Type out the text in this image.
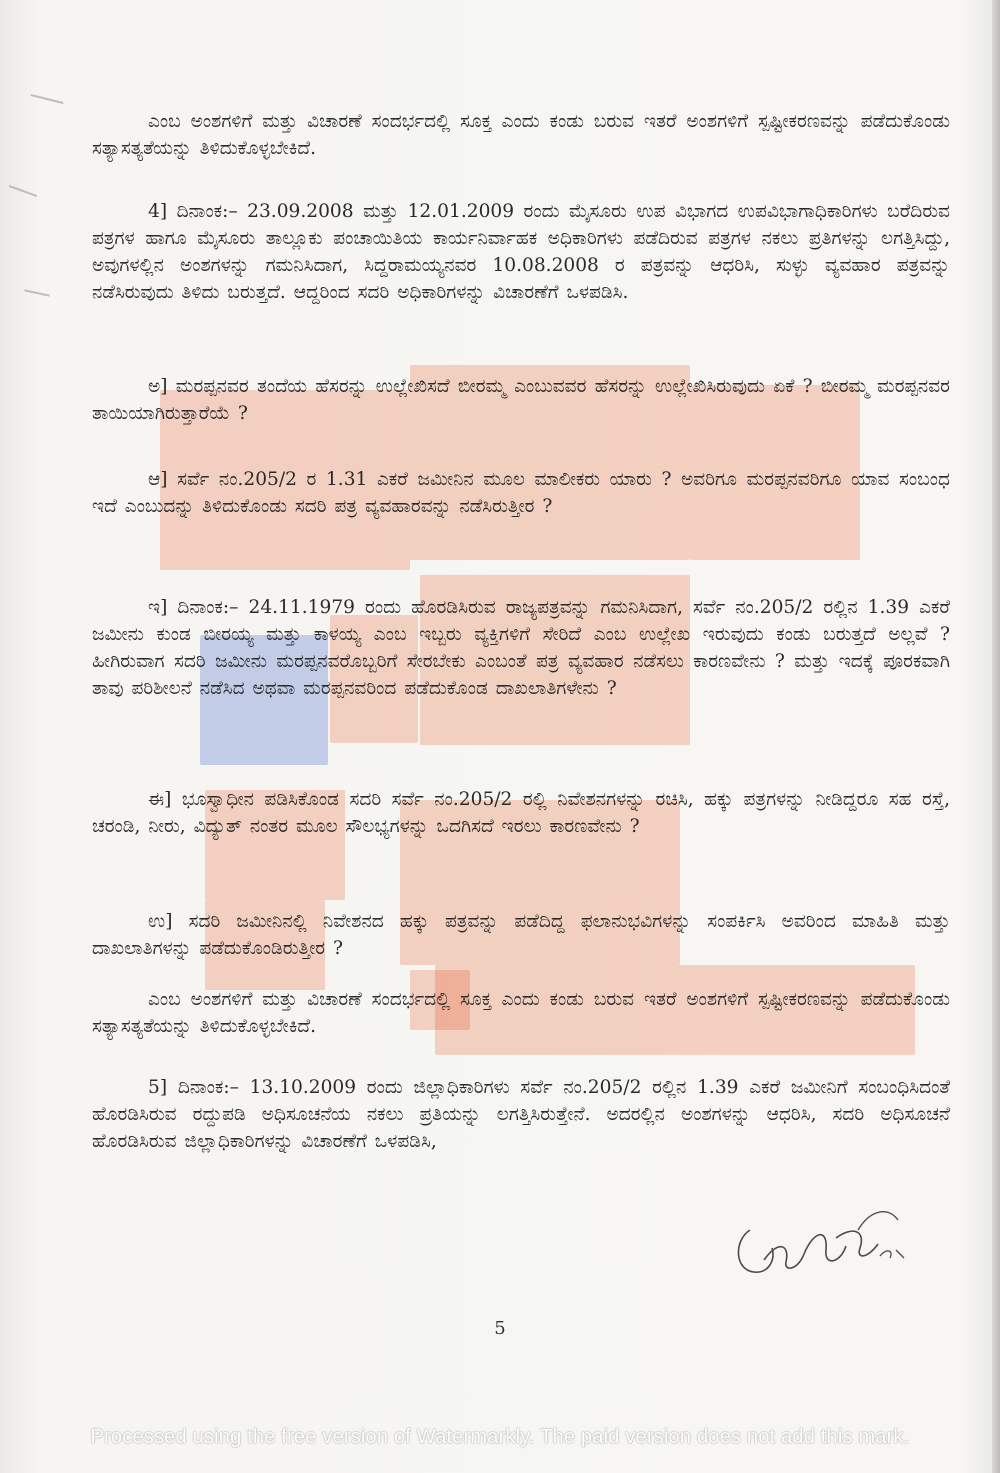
ಎಂಬ ಅಂಶಗಳಿಗೆ ಮತ್ತು ವಿಚಾರಣೆ ಸಂದರ್ಭದಲ್ಲಿ ಸೂಕ್ತ ಎಂದು ಕಂಡು ಬರುವ ಇತರೆ ಅಂಶಗಳಿಗೆ ಸ್ಪಷ್ಟೀಕರಣವನ್ನು ಪಡೆದುಕೊಂಡು ಸತ್ಯಾಸತ್ಯತೆಯನ್ನು ತಿಳಿದುಕೊಳ್ಳಬೇಕಿದೆ.

4] ದಿನಾಂಕ:– 23.09.2008 ಮತ್ತು 12.01.2009 ರಂದು ಮೈಸೂರು ಉಪ ವಿಭಾಗದ ಉಪವಿಭಾಗಾಧಿಕಾರಿಗಳು ಬರೆದಿರುವ ಪತ್ರಗಳ ಹಾಗೂ ಮೈಸೂರು ತಾಲ್ಲೂಕು ಪಂಚಾಯಿತಿಯ ಕಾರ್ಯನಿರ್ವಾಹಕ ಅಧಿಕಾರಿಗಳು ಪಡೆದಿರುವ ಪತ್ರಗಳ ನಕಲು ಪ್ರತಿಗಳನ್ನು ಲಗತ್ತಿಸಿದ್ದು, ಅವುಗಳಲ್ಲಿನ ಅಂಶಗಳನ್ನು ಗಮನಿಸಿದಾಗ, ಸಿದ್ದರಾಮಯ್ಯನವರ 10.08.2008 ರ ಪತ್ರವನ್ನು ಆಧರಿಸಿ, ಸುಳ್ಳು ವ್ಯವಹಾರ ಪತ್ರವನ್ನು ನಡೆಸಿರುವುದು ತಿಳಿದು ಬರುತ್ತದೆ. ಆದ್ದರಿಂದ ಸದರಿ ಅಧಿಕಾರಿಗಳನ್ನು ವಿಚಾರಣೆಗೆ ಒಳಪಡಿಸಿ.

ಅ] ಮರಪ್ಪನವರ ತಂದೆಯ ಹೆಸರನ್ನು ಉಲ್ಲೇಖಿಸದೆ ಬೀರಮ್ಮ ಎಂಬುವವರ ಹೆಸರನ್ನು ಉಲ್ಲೇಖಿಸಿರುವುದು ಏಕೆ ? ಬೀರಮ್ಮ ಮರಪ್ಪನವರ ತಾಯಿಯಾಗಿರುತ್ತಾರೆಯೆ ?

ಆ] ಸರ್ವೆ ನಂ.205/2 ರ 1.31 ಎಕರೆ ಜಮೀನಿನ ಮೂಲ ಮಾಲೀಕರು ಯಾರು ? ಅವರಿಗೂ ಮರಪ್ಪನವರಿಗೂ ಯಾವ ಸಂಬಂಧ ಇದೆ ಎಂಬುದನ್ನು ತಿಳಿದುಕೊಂಡು ಸದರಿ ಪತ್ರ ವ್ಯವಹಾರವನ್ನು ನಡೆಸಿರುತ್ತೀರ ?

ಇ] ದಿನಾಂಕ:– 24.11.1979 ರಂದು ಹೊರಡಿಸಿರುವ ರಾಜ್ಯಪತ್ರವನ್ನು ಗಮನಿಸಿದಾಗ, ಸರ್ವೆ ನಂ.205/2 ರಲ್ಲಿನ 1.39 ಎಕರೆ ಜಮೀನು ಕುಂಡ ಬೀರಯ್ಯ ಮತ್ತು ಕಾಳಯ್ಯ ಎಂಬ ಇಬ್ಬರು ವ್ಯಕ್ತಿಗಳಿಗೆ ಸೇರಿದೆ ಎಂಬ ಉಲ್ಲೇಖ ಇರುವುದು ಕಂಡು ಬರುತ್ತದೆ ಅಲ್ಲವೆ ? ಹೀಗಿರುವಾಗ ಸದರಿ ಜಮೀನು ಮರಪ್ಪನವರೊಬ್ಬರಿಗೆ ಸೇರಬೇಕು ಎಂಬಂತೆ ಪತ್ರ ವ್ಯವಹಾರ ನಡೆಸಲು ಕಾರಣವೇನು ? ಮತ್ತು ಇದಕ್ಕೆ ಪೂರಕವಾಗಿ ತಾವು ಪರಿಶೀಲನೆ ನಡೆಸಿದ ಅಥವಾ ಮರಪ್ಪನವರಿಂದ ಪಡೆದುಕೊಂಡ ದಾಖಲಾತಿಗಳೇನು ?

ಈ] ಭೂಸ್ವಾಧೀನ ಪಡಿಸಿಕೊಂಡ ಸದರಿ ಸರ್ವೆ ನಂ.205/2 ರಲ್ಲಿ ನಿವೇಶನಗಳನ್ನು ರಚಿಸಿ, ಹಕ್ಕು ಪತ್ರಗಳನ್ನು ನೀಡಿದ್ದರೂ ಸಹ ರಸ್ತೆ, ಚರಂಡಿ, ನೀರು, ವಿದ್ಯುತ್ ನಂತರ ಮೂಲ ಸೌಲಭ್ಯಗಳನ್ನು ಒದಗಿಸದೆ ಇರಲು ಕಾರಣವೇನು ?

ಉ] ಸದರಿ ಜಮೀನಿನಲ್ಲಿ ನಿವೇಶನದ ಹಕ್ಕು ಪತ್ರವನ್ನು ಪಡೆದಿದ್ದ ಫಲಾನುಭವಿಗಳನ್ನು ಸಂಪರ್ಕಿಸಿ ಅವರಿಂದ ಮಾಹಿತಿ ಮತ್ತು ದಾಖಲಾತಿಗಳನ್ನು ಪಡೆದುಕೊಂಡಿರುತ್ತೀರ ?

ಎಂಬ ಅಂಶಗಳಿಗೆ ಮತ್ತು ವಿಚಾರಣೆ ಸಂದರ್ಭದಲ್ಲಿ ಸೂಕ್ತ ಎಂದು ಕಂಡು ಬರುವ ಇತರೆ ಅಂಶಗಳಿಗೆ ಸ್ಪಷ್ಟೀಕರಣವನ್ನು ಪಡೆದುಕೊಂಡು ಸತ್ಯಾಸತ್ಯತೆಯನ್ನು ತಿಳಿದುಕೊಳ್ಳಬೇಕಿದೆ.

5] ದಿನಾಂಕ:– 13.10.2009 ರಂದು ಜಿಲ್ಲಾಧಿಕಾರಿಗಳು ಸರ್ವೆ ನಂ.205/2 ರಲ್ಲಿನ 1.39 ಎಕರೆ ಜಮೀನಿಗೆ ಸಂಬಂಧಿಸಿದಂತೆ ಹೊರಡಿಸಿರುವ ರದ್ದುಪಡಿ ಅಧಿಸೂಚನೆಯ ನಕಲು ಪ್ರತಿಯನ್ನು ಲಗತ್ತಿಸಿರುತ್ತೇನೆ. ಅದರಲ್ಲಿನ ಅಂಶಗಳನ್ನು ಆಧರಿಸಿ, ಸದರಿ ಅಧಿಸೂಚನೆ ಹೊರಡಿಸಿರುವ ಜಿಲ್ಲಾಧಿಕಾರಿಗಳನ್ನು ವಿಚಾರಣೆಗೆ ಒಳಪಡಿಸಿ,

5
Processed using the free version of Watermarkly. The paid version does not add this mark.
